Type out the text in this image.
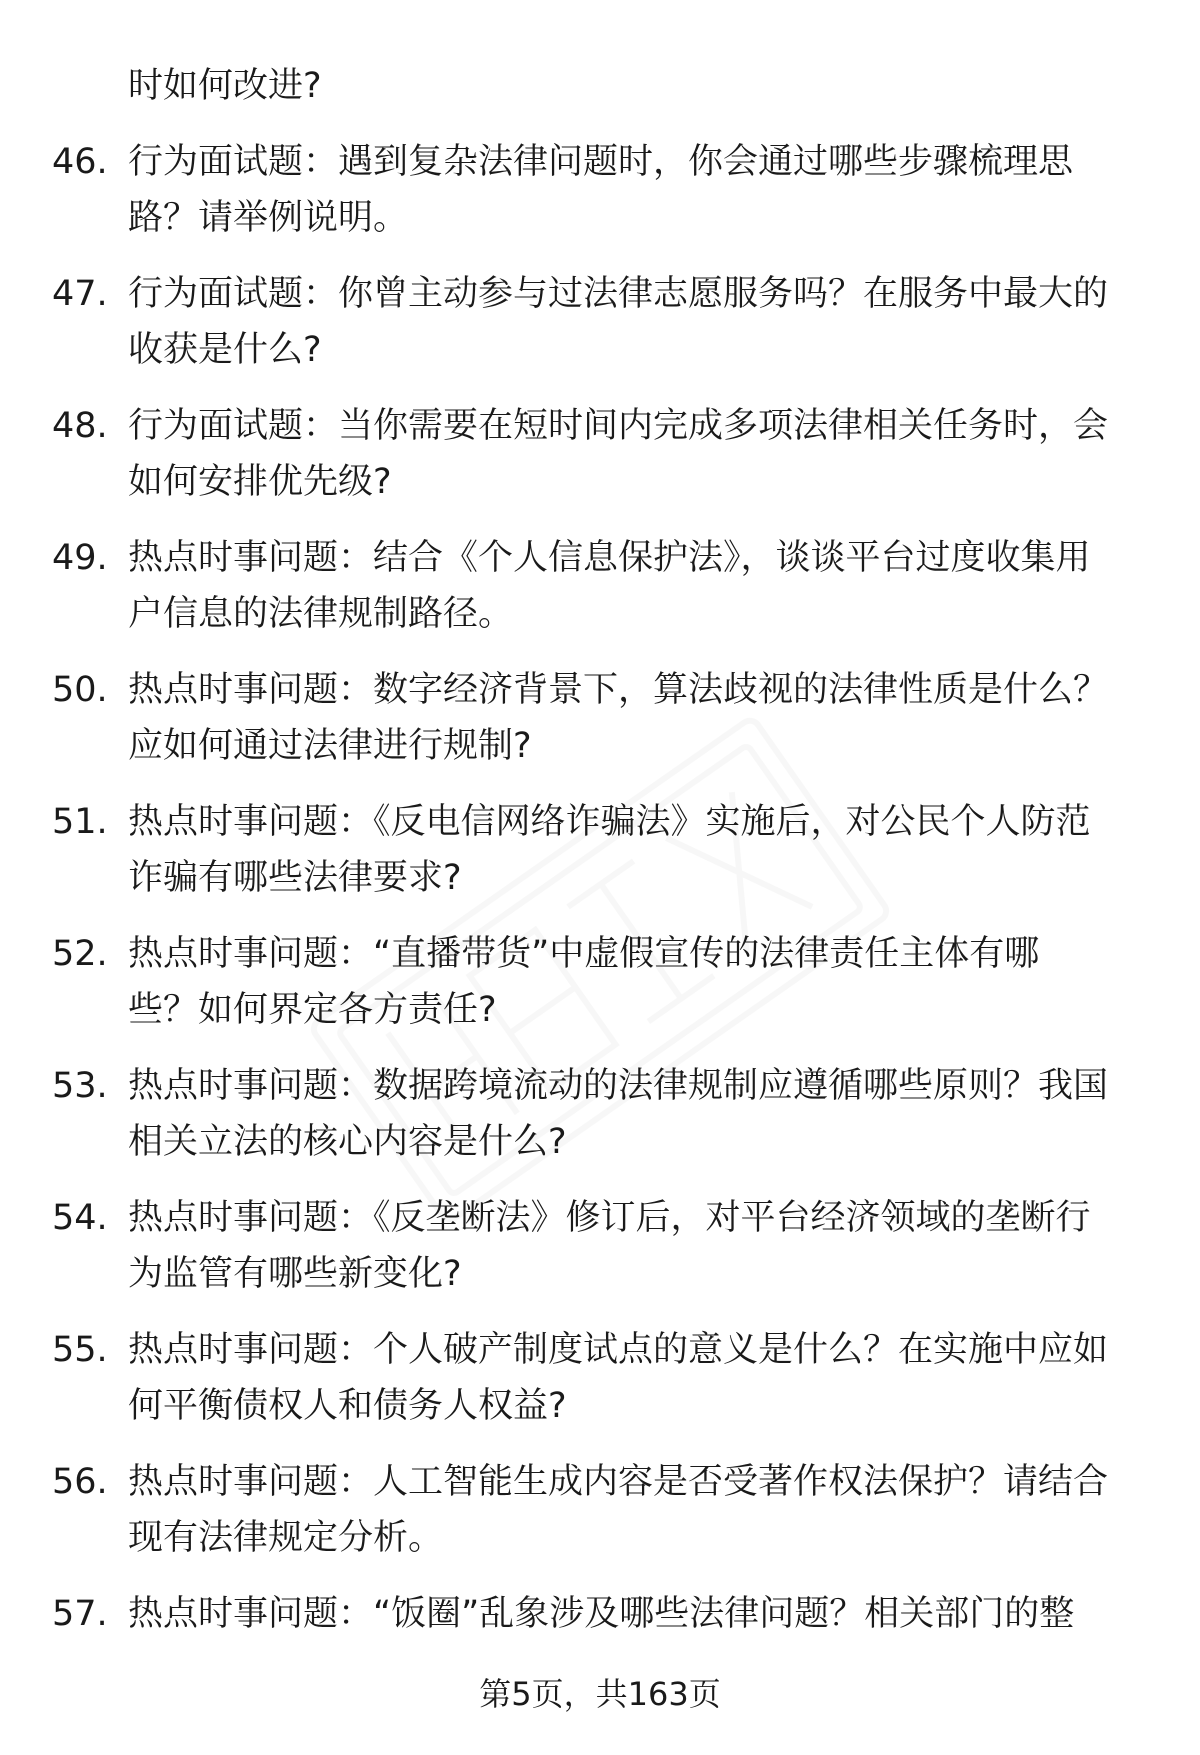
时如何改进?
46. 行为面试题：遇到复杂法律问题时，你会通过哪些步骤梳理思
路？请举例说明。
47. 行为面试题：你曾主动参与过法律志愿服务吗？在服务中最大的
收获是什么?
48. 行为面试题：当你需要在短时间内完成多项法律相关任务时，会
如何安排优先级?
49. 热点时事问题：结合《个人信息保护法》，谈谈平台过度收集用
户信息的法律规制路径。
50. 热点时事问题：数字经济背景下，算法歧视的法律性质是什么？
应如何通过法律进行规制?
51. 热点时事问题：《反电信网络诈骗法》实施后，对公民个人防范
诈骗有哪些法律要求?
52. 热点时事问题：“直播带货”中虚假宣传的法律责任主体有哪
些？如何界定各方责任?
53. 热点时事问题：数据跨境流动的法律规制应遵循哪些原则？我国
相关立法的核心内容是什么?
54. 热点时事问题：《反垄断法》修订后，对平台经济领域的垄断行
为监管有哪些新变化?
55. 热点时事问题：个人破产制度试点的意义是什么？在实施中应如
何平衡债权人和债务人权益?
56. 热点时事问题：人工智能生成内容是否受著作权法保护？请结合
现有法律规定分析。
57. 热点时事问题：“饭圈”乱象涉及哪些法律问题？相关部门的整
第5页，共163页
